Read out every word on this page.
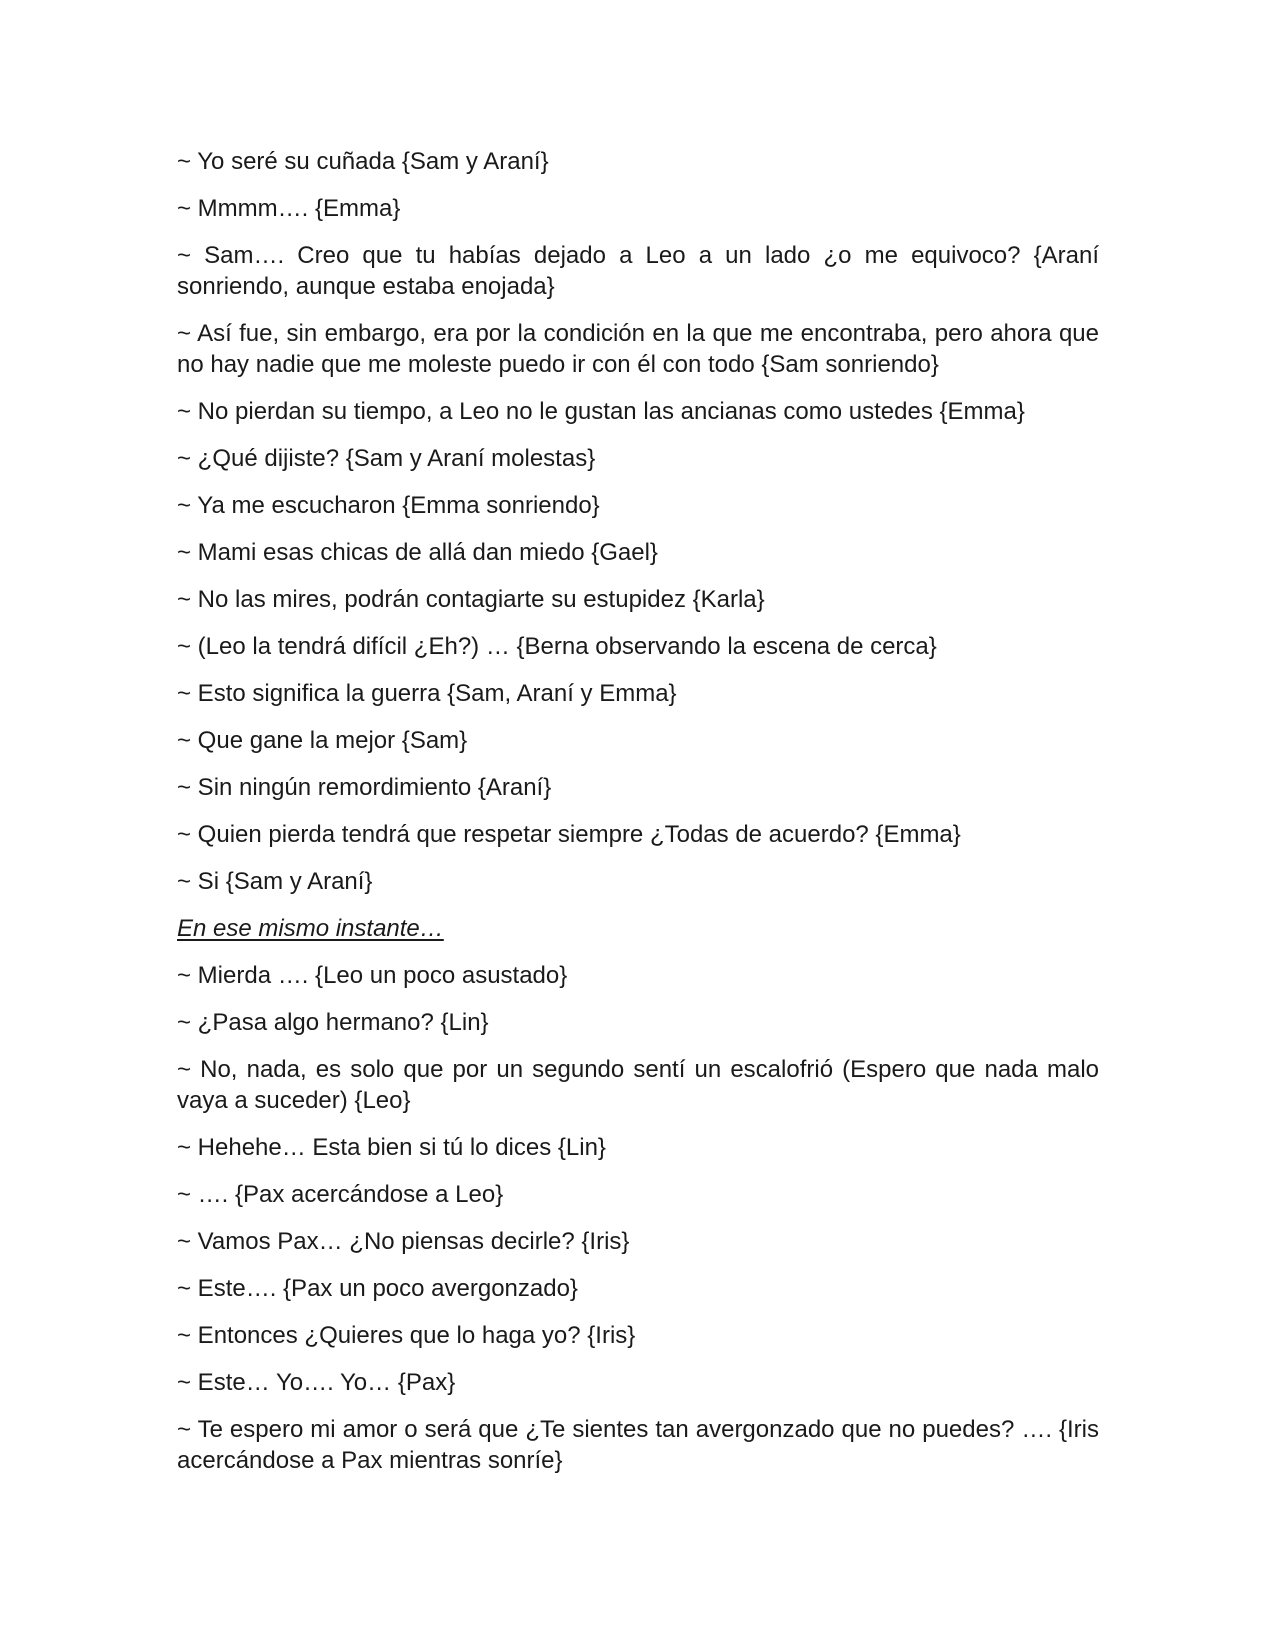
~ Yo seré su cuñada {Sam y Araní}

~ Mmmm…. {Emma}

~ Sam…. Creo que tu habías dejado a Leo a un lado ¿o me equivoco? {Araní sonriendo, aunque estaba enojada}

~ Así fue, sin embargo, era por la condición en la que me encontraba, pero ahora que no hay nadie que me moleste puedo ir con él con todo {Sam sonriendo}

~ No pierdan su tiempo, a Leo no le gustan las ancianas como ustedes {Emma}

~ ¿Qué dijiste? {Sam y Araní molestas}

~ Ya me escucharon {Emma sonriendo}

~ Mami esas chicas de allá dan miedo {Gael}

~ No las mires, podrán contagiarte su estupidez {Karla}

~ (Leo la tendrá difícil ¿Eh?) … {Berna observando la escena de cerca}

~ Esto significa la guerra {Sam, Araní y Emma}

~ Que gane la mejor {Sam}

~ Sin ningún remordimiento {Araní}

~ Quien pierda tendrá que respetar siempre ¿Todas de acuerdo? {Emma}

~ Si {Sam y Araní}

En ese mismo instante…

~ Mierda …. {Leo un poco asustado}

~ ¿Pasa algo hermano? {Lin}

~ No, nada, es solo que por un segundo sentí un escalofrió (Espero que nada malo vaya a suceder) {Leo}

~ Hehehe… Esta bien si tú lo dices {Lin}

~ …. {Pax acercándose a Leo}

~ Vamos Pax… ¿No piensas decirle? {Iris}

~ Este…. {Pax un poco avergonzado}

~ Entonces ¿Quieres que lo haga yo? {Iris}

~ Este… Yo…. Yo… {Pax}

~ Te espero mi amor o será que ¿Te sientes tan avergonzado que no puedes? …. {Iris acercándose a Pax mientras sonríe}
